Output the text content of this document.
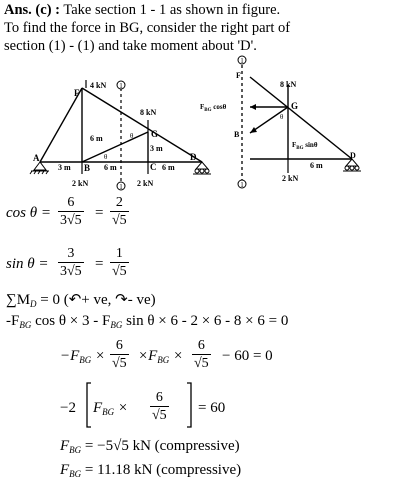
Ans. (c) : Take section 1 - 1 as shown in figure.
To find the force in BG, consider the right part of
section (1) - (1) and take moment about 'D'.
1
1
4 kN
8 kN
2 kN	2 kN
F
A
B	C
D
G
6 m
3 m
3 m	6 m	6 m
θ
θ
1
1
8 kN
F
B
G
D
θ
$F_{BG}$ cosθ
$F_{BG}$ sinθ
6 m
2 kN
$\cos \theta = \frac{6}{3√5} = \frac{2}{√5}$
$\sin \theta = \frac{3}{3√5} = \frac{1}{√5}$
$\sum M_D = 0$ (↶+ ve, ↷- ve)
$-F_{BG}$ $\cos \theta \times 3 - F_{BG}$ sin θ × 6 - 2 × 6 - 8 × 6 = 0
$-F_{BG} \times \frac{6}{√5} \times F_{BG} \times \frac{6}{√5} - 60 = 0$
−2 $F_{BG} \times \frac{6}{√5} = 60$
$F_{BG} = -5√5$ kN (compressive)
$F_{BG} = 11.18$ kN (compressive)
